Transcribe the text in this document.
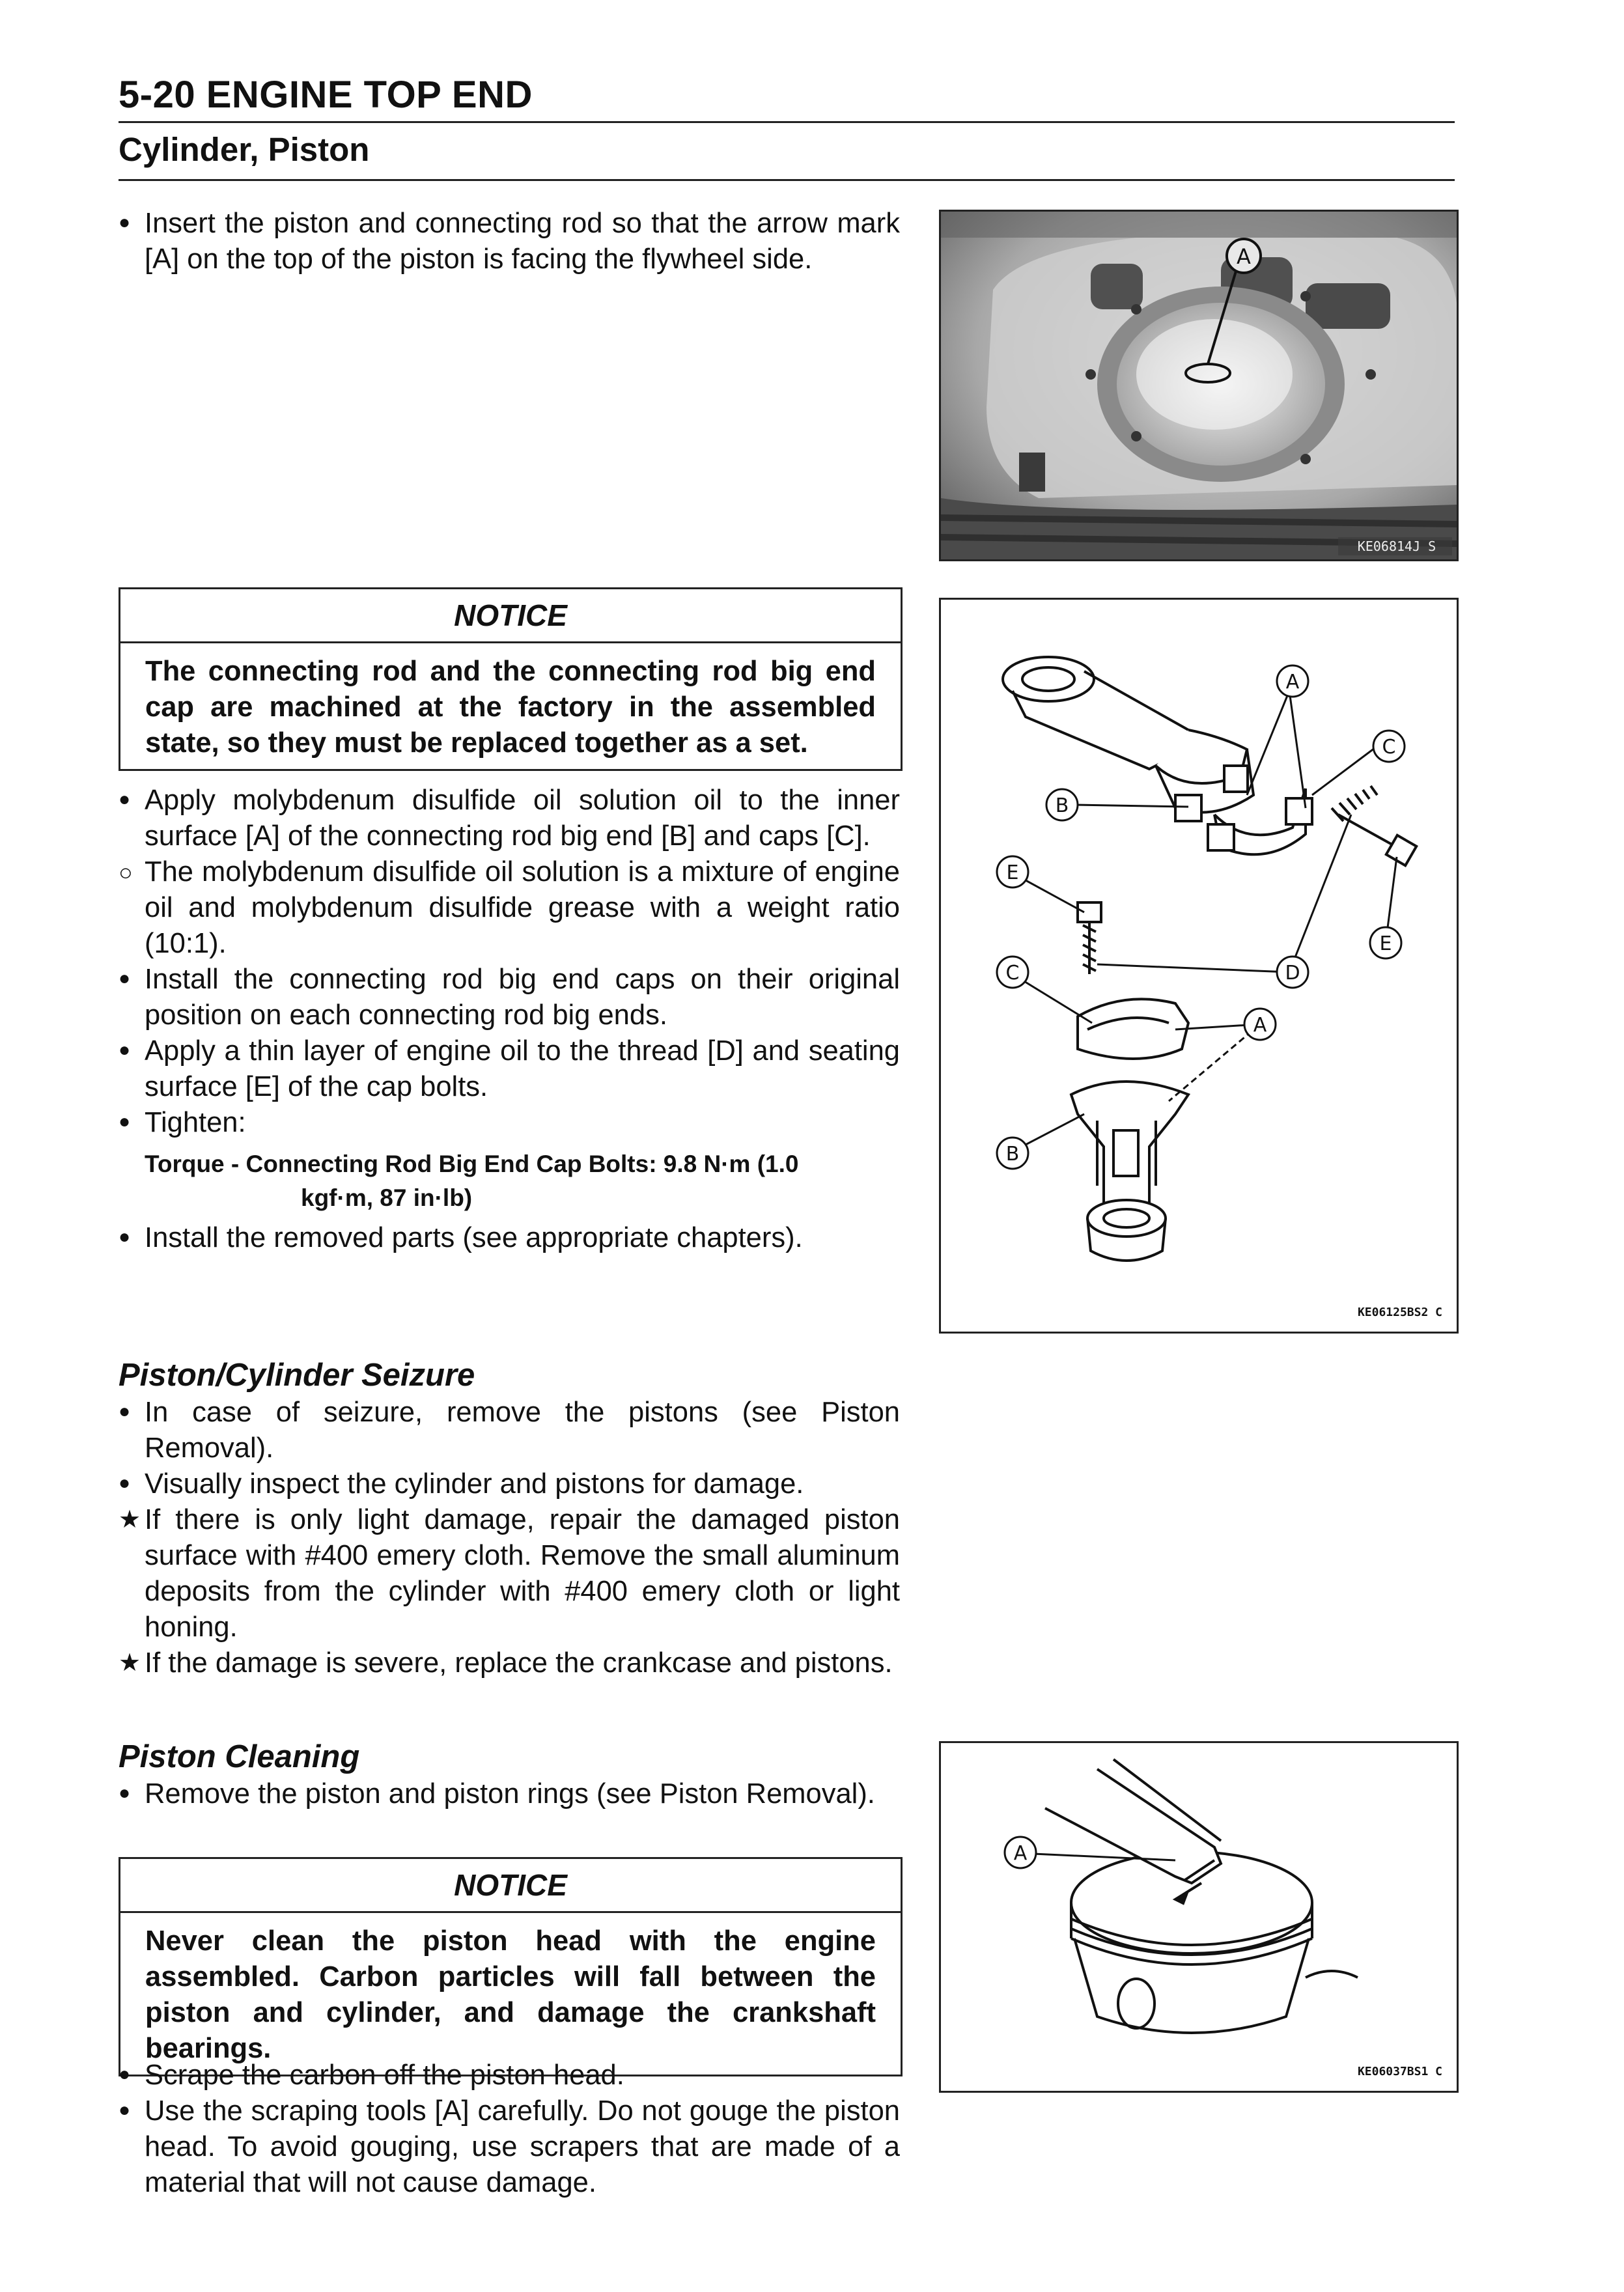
5-20 ENGINE TOP END
Cylinder, Piston

●
Insert the piston and connecting rod so that the arrow mark [A] on the top of the piston is facing the flywheel side.

NOTICE
The connecting rod and the connecting rod big end cap are machined at the factory in the assembled state, so they must be replaced together as a set.

●
Apply molybdenum disulfide oil solution oil to the inner surface [A] of the connecting rod big end [B] and caps [C].

○ The molybdenum disulfide oil solution is a mixture of engine oil and molybdenum disulfide grease with a weight ratio (10:1).

●
Install the connecting rod big end caps on their original position on each connecting rod big ends.

●
Apply a thin layer of engine oil to the thread [D] and seating surface [E] of the cap bolts.

●
Tighten:

Torque - Connecting Rod Big End Cap Bolts: 9.8 N·m (1.0
kgf·m, 87 in·lb)

●
Install the removed parts (see appropriate chapters).

Piston/Cylinder Seizure

●
In case of seizure, remove the pistons (see Piston Removal).

●
Visually inspect the cylinder and pistons for damage.

★ If there is only light damage, repair the damaged piston surface with #400 emery cloth. Remove the small aluminum deposits from the cylinder with #400 emery cloth or light honing.

★ If the damage is severe, replace the crankcase and pistons.

Piston Cleaning

●
Remove the piston and piston rings (see Piston Removal).

NOTICE
Never clean the piston head with the engine assembled. Carbon particles will fall between the piston and cylinder, and damage the crankshaft bearings.

●
Scrape the carbon off the piston head.

●
Use the scraping tools [A] carefully. Do not gouge the piston head. To avoid gouging, use scrapers that are made of a material that will not cause damage.

A
KE06814J S
A
B
C
E
E
C	D
A
B
KE06125BS2 C
A
KE06037BS1 C
